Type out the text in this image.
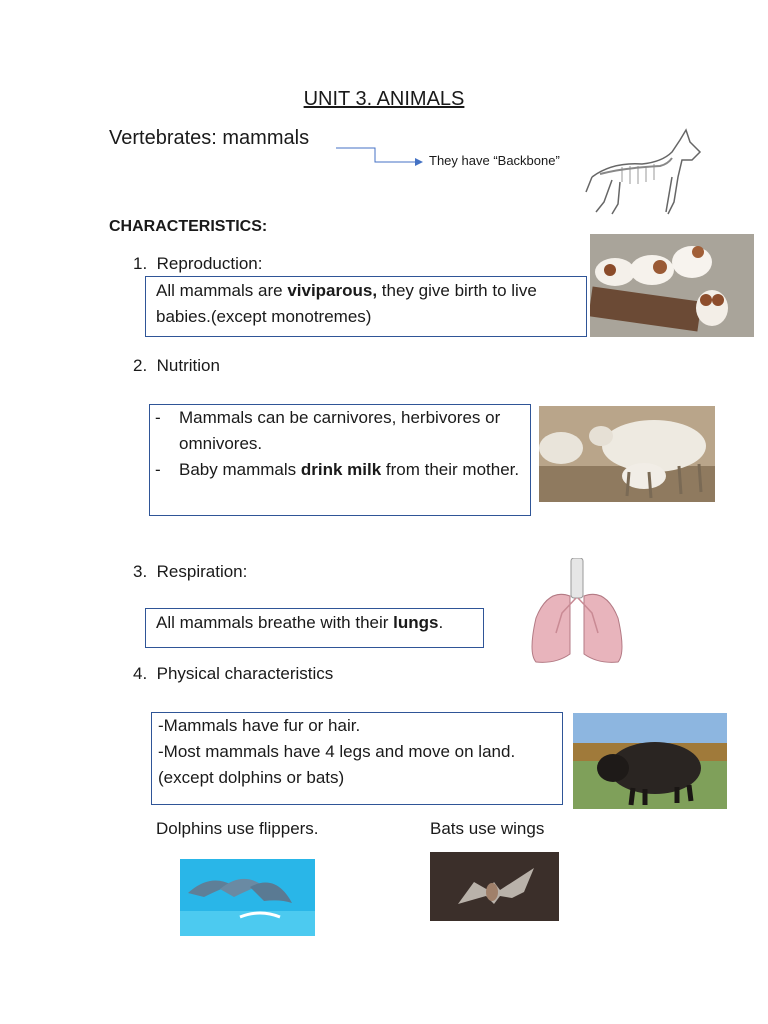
UNIT 3. ANIMALS
Vertebrates: mammals
They have “Backbone”
CHARACTERISTICS:
1. Reproduction:
All mammals are viviparous, they give birth to live babies.(except monotremes)
2. Nutrition
- Mammals can be carnivores, herbivores or omnivores.
- Baby mammals drink milk from their mother.
3. Respiration:
All mammals breathe with their lungs.
4. Physical characteristics
-Mammals have fur or hair.
-Most mammals have 4 legs and move on land.
(except dolphins or bats)
Dolphins use flippers.	Bats use wings
